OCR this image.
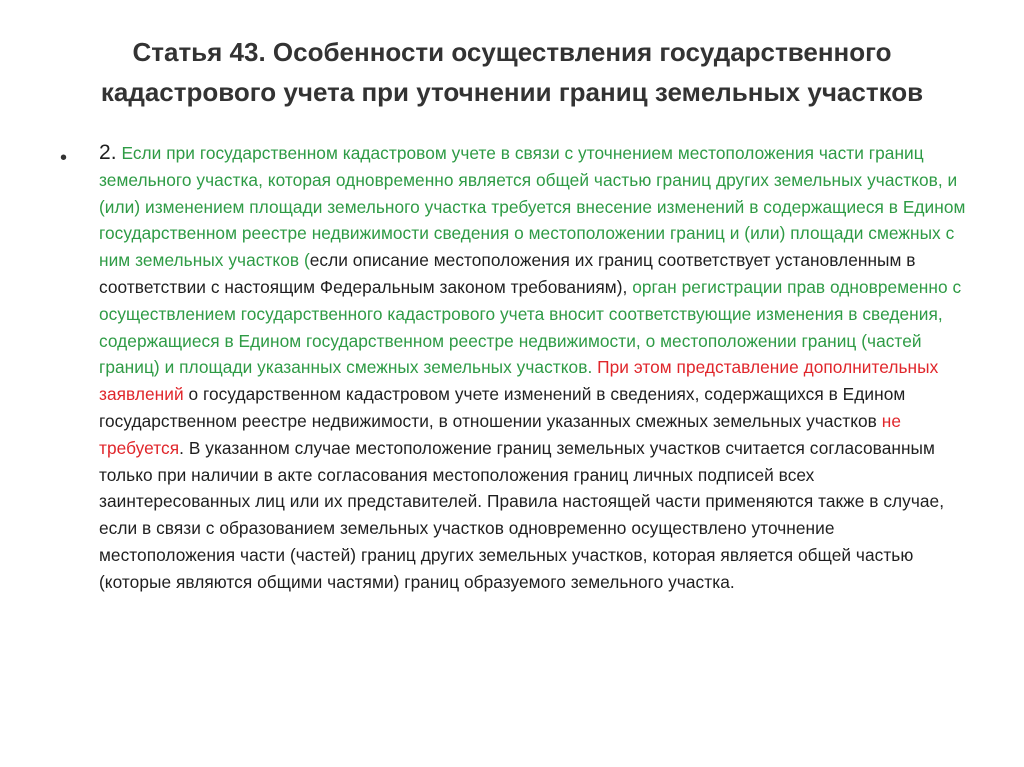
Статья 43. Особенности осуществления государственного
кадастрового учета при уточнении границ земельных участков
• 2. Если при государственном кадастровом учете в связи с уточнением местоположения части границ земельного участка, которая одновременно является общей частью границ других земельных участков, и (или) изменением площади земельного участка требуется внесение изменений в содержащиеся в Едином государственном реестре недвижимости сведения о местоположении границ и (или) площади смежных с ним земельных участков (если описание местоположения их границ соответствует установленным в соответствии с настоящим Федеральным законом требованиям), орган регистрации прав одновременно с осуществлением государственного кадастрового учета вносит соответствующие изменения в сведения, содержащиеся в Едином государственном реестре недвижимости, о местоположении границ (частей границ) и площади указанных смежных земельных участков. При этом представление дополнительных заявлений о государственном кадастровом учете изменений в сведениях, содержащихся в Едином государственном реестре недвижимости, в отношении указанных смежных земельных участков не требуется. В указанном случае местоположение границ земельных участков считается согласованным только при наличии в акте согласования местоположения границ личных подписей всех заинтересованных лиц или их представителей. Правила настоящей части применяются также в случае, если в связи с образованием земельных участков одновременно осуществлено уточнение местоположения части (частей) границ других земельных участков, которая является общей частью (которые являются общими частями) границ образуемого земельного участка.
